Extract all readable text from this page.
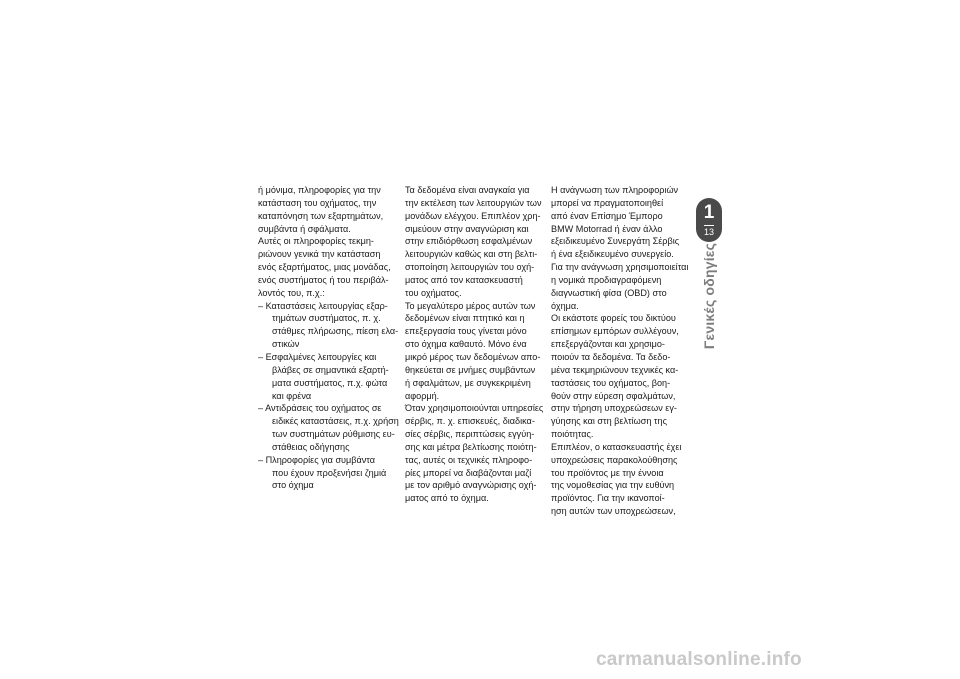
ή μόνιμα, πληροφορίες για την

κατάσταση του οχήματος, την

καταπόνηση των εξαρτημάτων,

συμβάντα ή σφάλματα.

Αυτές οι πληροφορίες τεκμη-

ριώνουν γενικά την κατάσταση

ενός εξαρτήματος, μιας μονάδας,

ενός συστήματος ή του περιβάλ-

λοντός του, π.χ.:

– Καταστάσεις λειτουργίας εξαρ-

τημάτων συστήματος, π. χ.

στάθμες πλήρωσης, πίεση ελα-

στικών

– Εσφαλμένες λειτουργίες και

βλάβες σε σημαντικά εξαρτή-

ματα συστήματος, π.χ. φώτα

και φρένα

– Αντιδράσεις του οχήματος σε

ειδικές καταστάσεις, π.χ. χρήση

των συστημάτων ρύθμισης ευ-

στάθειας οδήγησης

– Πληροφορίες για συμβάντα

που έχουν προξενήσει ζημιά

στο όχημα

Τα δεδομένα είναι αναγκαία για

την εκτέλεση των λειτουργιών των

μονάδων ελέγχου. Επιπλέον χρη-

σιμεύουν στην αναγνώριση και

στην επιδιόρθωση εσφαλμένων

λειτουργιών καθώς και στη βελτι-

στοποίηση λειτουργιών του οχή-

ματος από τον κατασκευαστή

του οχήματος.

Το μεγαλύτερο μέρος αυτών των

δεδομένων είναι πτητικό και η

επεξεργασία τους γίνεται μόνο

στο όχημα καθαυτό. Μόνο ένα

μικρό μέρος των δεδομένων απο-

θηκεύεται σε μνήμες συμβάντων

ή σφαλμάτων, με συγκεκριμένη

αφορμή.

Όταν χρησιμοποιούνται υπηρεσίες

σέρβις, π. χ. επισκευές, διαδικα-

σίες σέρβις, περιπτώσεις εγγύη-

σης και μέτρα βελτίωσης ποιότη-

τας, αυτές οι τεχνικές πληροφο-

ρίες μπορεί να διαβάζονται μαζί

με τον αριθμό αναγνώρισης οχή-

ματος από το όχημα.

Η ανάγνωση των πληροφοριών

μπορεί να πραγματοποιηθεί

από έναν Επίσημο Έμπορο

BMW Motorrad ή έναν άλλο

εξειδικευμένο Συνεργάτη Σέρβις

ή ένα εξειδικευμένο συνεργείο.

Για την ανάγνωση χρησιμοποιείται

η νομικά προδιαγραφόμενη

διαγνωστική φίσα (OBD) στο

όχημα.

Οι εκάστοτε φορείς του δικτύου

επίσημων εμπόρων συλλέγουν,

επεξεργάζονται και χρησιμο-

ποιούν τα δεδομένα. Τα δεδο-

μένα τεκμηριώνουν τεχνικές κα-

ταστάσεις του οχήματος, βοη-

θούν στην εύρεση σφαλμάτων,

στην τήρηση υποχρεώσεων εγ-

γύησης και στη βελτίωση της

ποιότητας.

Επιπλέον, ο κατασκευαστής έχει

υποχρεώσεις παρακολούθησης

του προϊόντος με την έννοια

της νομοθεσίας για την ευθύνη

προϊόντος. Για την ικανοποί-

ηση αυτών των υποχρεώσεων,

1
13
Γενικές οδηγίες
carmanualsonline.info
